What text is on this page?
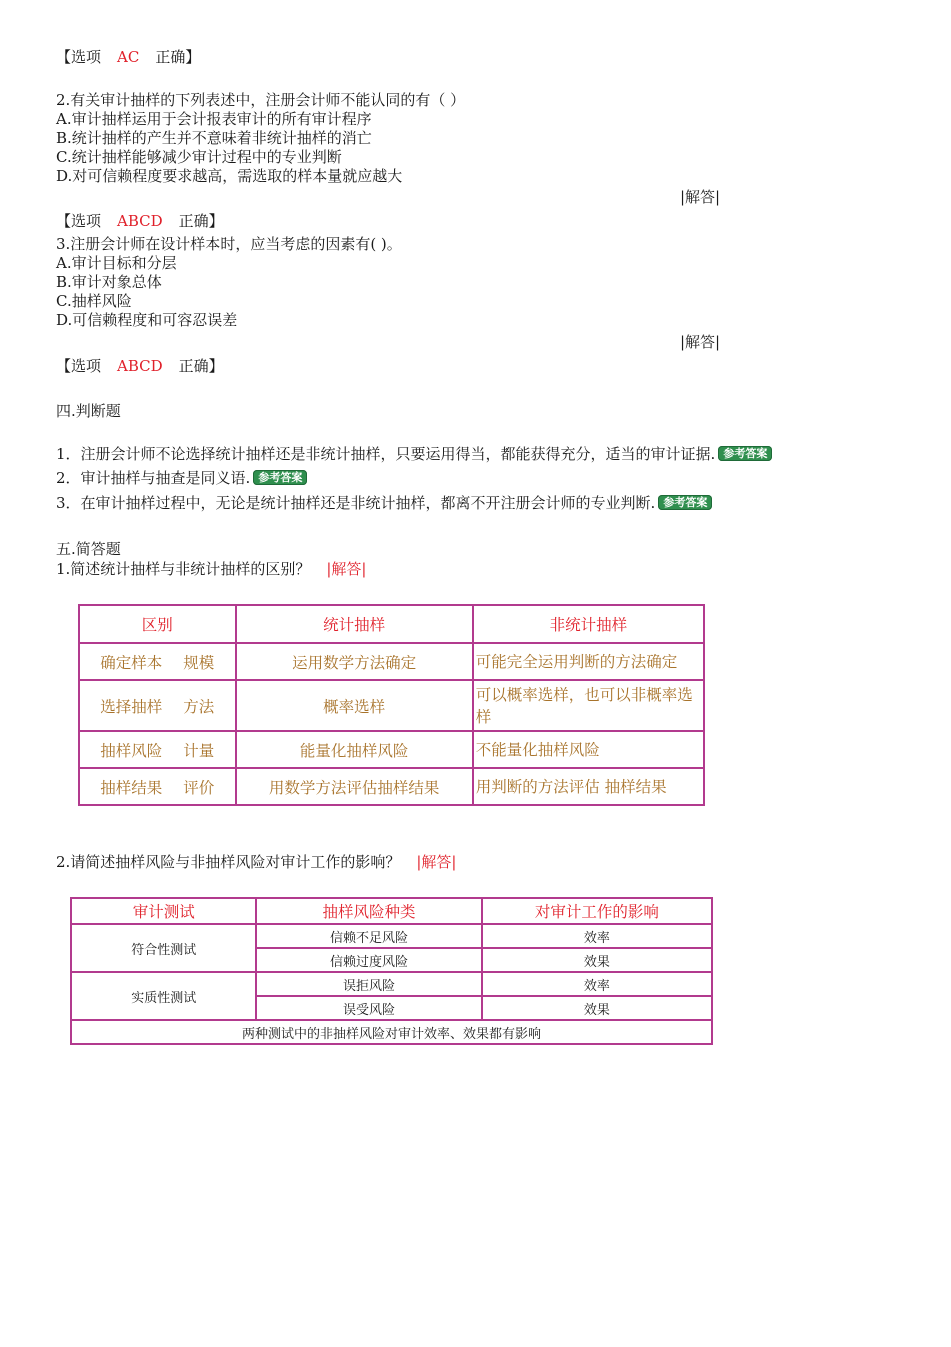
【选项 AC 正确】
2.有关审计抽样的下列表述中，注册会计师不能认同的有（ ）
A.审计抽样运用于会计报表审计的所有审计程序
B.统计抽样的产生并不意味着非统计抽样的消亡
C.统计抽样能够减少审计过程中的专业判断
D.对可信赖程度要求越高，需选取的样本量就应越大
|解答|
【选项 ABCD 正确】
3.注册会计师在设计样本时，应当考虑的因素有( )。
A.审计目标和分层
B.审计对象总体
C.抽样风险
D.可信赖程度和可容忍误差
|解答|
【选项 ABCD 正确】
四.判断题
1．注册会计师不论选择统计抽样还是非统计抽样，只要运用得当，都能获得充分，适当的审计证据. 参考答案
2．审计抽样与抽查是同义语. 参考答案
3．在审计抽样过程中，无论是统计抽样还是非统计抽样，都离不开注册会计师的专业判断. 参考答案
五.简答题
1.简述统计抽样与非统计抽样的区别？ |解答|
区别	统计抽样	非统计抽样
确定样本 规模	运用数学方法确定	可能完全运用判断的方法确定
选择抽样 方法	概率选样	可以概率选样，也可以非概率选样
抽样风险 计量	能量化抽样风险	不能量化抽样风险
抽样结果 评价	用数学方法评估抽样结果	用判断的方法评估 抽样结果
2.请简述抽样风险与非抽样风险对审计工作的影响？ |解答|
审计测试	抽样风险种类	对审计工作的影响
符合性测试	信赖不足风险	效率
	信赖过度风险	效果
实质性测试	误拒风险	效率
	误受风险	效果
两种测试中的非抽样风险对审计效率、效果都有影响		
